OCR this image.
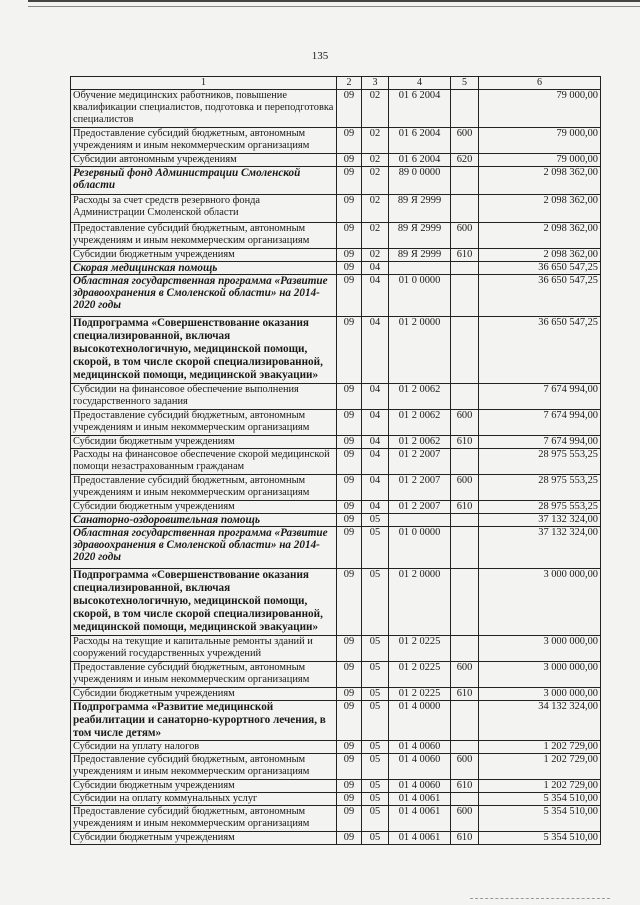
135
1	2	3	4	5	6
Обучение медицинских работников, повышение квалификации специалистов, подготовка и переподготовка специалистов	09	02	01 6 2004		79 000,00
Предоставление субсидий бюджетным, автономным учреждениям и иным некоммерческим организациям	09	02	01 6 2004	600	79 000,00
Субсидии автономным учреждениям	09	02	01 6 2004	620	79 000,00
Резервный фонд Администрации Смоленской области	09	02	89 0 0000		2 098 362,00
Расходы за счет средств резервного фонда Администрации Смоленской области	09	02	89 Я 2999		2 098 362,00
Предоставление субсидий бюджетным, автономным учреждениям и иным некоммерческим организациям	09	02	89 Я 2999	600	2 098 362,00
Субсидии бюджетным учреждениям	09	02	89 Я 2999	610	2 098 362,00
Скорая медицинская помощь	09	04			36 650 547,25
Областная государственная программа «Развитие здравоохранения в Смоленской области» на 2014-2020 годы	09	04	01 0 0000		36 650 547,25
Подпрограмма «Совершенствование оказания специализированной, включая высокотехнологичную, медицинской помощи, скорой, в том числе скорой специализированной, медицинской помощи, медицинской эвакуации»	09	04	01 2 0000		36 650 547,25
Субсидии на финансовое обеспечение выполнения государственного задания	09	04	01 2 0062		7 674 994,00
Предоставление субсидий бюджетным, автономным учреждениям и иным некоммерческим организациям	09	04	01 2 0062	600	7 674 994,00
Субсидии бюджетным учреждениям	09	04	01 2 0062	610	7 674 994,00
Расходы на финансовое обеспечение скорой медицинской помощи незастрахованным гражданам	09	04	01 2 2007		28 975 553,25
Предоставление субсидий бюджетным, автономным учреждениям и иным некоммерческим организациям	09	04	01 2 2007	600	28 975 553,25
Субсидии бюджетным учреждениям	09	04	01 2 2007	610	28 975 553,25
Санаторно-оздоровительная помощь	09	05			37 132 324,00
Областная государственная программа «Развитие здравоохранения в Смоленской области» на 2014-2020 годы	09	05	01 0 0000		37 132 324,00
Подпрограмма «Совершенствование оказания специализированной, включая высокотехнологичную, медицинской помощи, скорой, в том числе скорой специализированной, медицинской помощи, медицинской эвакуации»	09	05	01 2 0000		3 000 000,00
Расходы на текущие и капитальные ремонты зданий и сооружений государственных учреждений	09	05	01 2 0225		3 000 000,00
Предоставление субсидий бюджетным, автономным учреждениям и иным некоммерческим организациям	09	05	01 2 0225	600	3 000 000,00
Субсидии бюджетным учреждениям	09	05	01 2 0225	610	3 000 000,00
Подпрограмма «Развитие медицинской реабилитации и санаторно-курортного лечения, в том числе детям»	09	05	01 4 0000		34 132 324,00
Субсидии на уплату налогов	09	05	01 4 0060		1 202 729,00
Предоставление субсидий бюджетным, автономным учреждениям и иным некоммерческим организациям	09	05	01 4 0060	600	1 202 729,00
Субсидии бюджетным учреждениям	09	05	01 4 0060	610	1 202 729,00
Субсидии на оплату коммунальных услуг	09	05	01 4 0061		5 354 510,00
Предоставление субсидий бюджетным, автономным учреждениям и иным некоммерческим организациям	09	05	01 4 0061	600	5 354 510,00
Субсидии бюджетным учреждениям	09	05	01 4 0061	610	5 354 510,00
